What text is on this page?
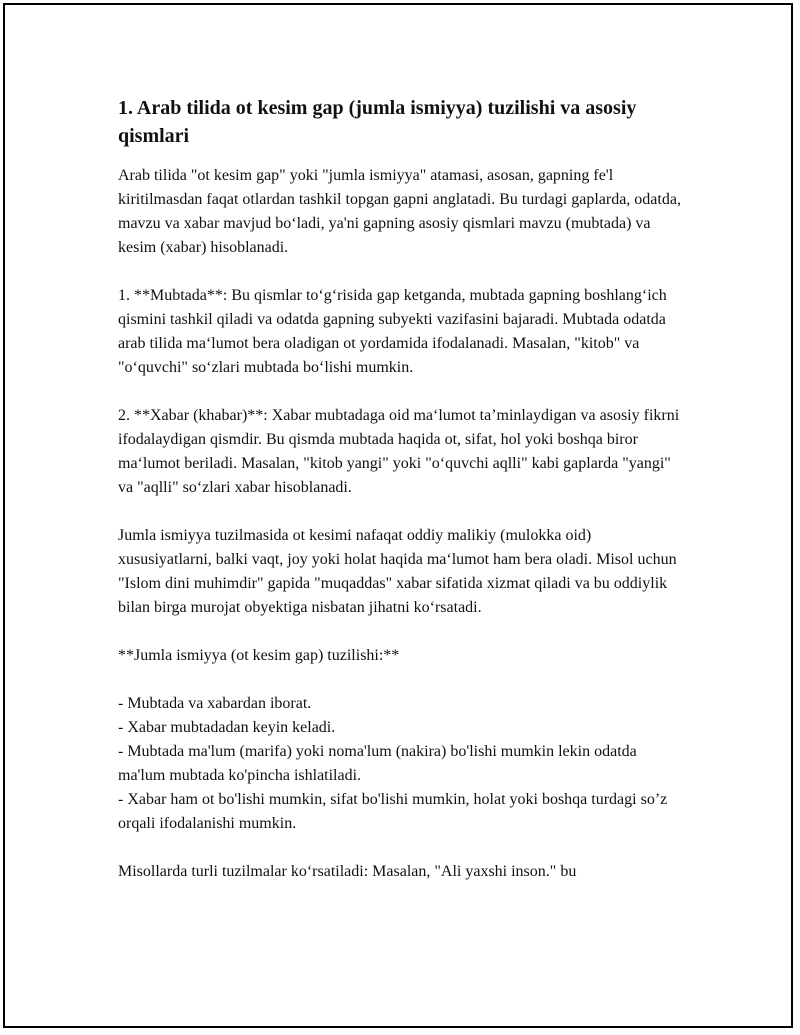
1. Arab tilida ot kesim gap (jumla ismiyya) tuzilishi va asosiy qismlari

Arab tilida "ot kesim gap" yoki "jumla ismiyya" atamasi, asosan, gapning fe'l kiritilmasdan faqat otlardan tashkil topgan gapni anglatadi. Bu turdagi gaplarda, odatda, mavzu va xabar mavjud bo‘ladi, ya'ni gapning asosiy qismlari mavzu (mubtada) va kesim (xabar) hisoblanadi.

1. **Mubtada**: Bu qismlar to‘g‘risida gap ketganda, mubtada gapning boshlang‘ich qismini tashkil qiladi va odatda gapning subyekti vazifasini bajaradi. Mubtada odatda arab tilida ma‘lumot bera oladigan ot yordamida ifodalanadi. Masalan, "kitob" va "o‘quvchi" so‘zlari mubtada bo‘lishi mumkin.

2. **Xabar (khabar)**: Xabar mubtadaga oid ma‘lumot ta’minlaydigan va asosiy fikrni ifodalaydigan qismdir. Bu qismda mubtada haqida ot, sifat, hol yoki boshqa biror ma‘lumot beriladi. Masalan, "kitob yangi" yoki "o‘quvchi aqlli" kabi gaplarda "yangi" va "aqlli" so‘zlari xabar hisoblanadi.

Jumla ismiyya tuzilmasida ot kesimi nafaqat oddiy malikiy (mulokka oid) xususiyatlarni, balki vaqt, joy yoki holat haqida ma‘lumot ham bera oladi. Misol uchun "Islom dini muhimdir" gapida "muqaddas" xabar sifatida xizmat qiladi va bu oddiylik bilan birga murojat obyektiga nisbatan jihatni ko‘rsatadi.

**Jumla ismiyya (ot kesim gap) tuzilishi:**

- Mubtada va xabardan iborat.

- Xabar mubtadadan keyin keladi.

- Mubtada ma'lum (marifa) yoki noma'lum (nakira) bo'lishi mumkin lekin odatda ma'lum mubtada ko'pincha ishlatiladi.

- Xabar ham ot bo'lishi mumkin, sifat bo'lishi mumkin, holat yoki boshqa turdagi so’z orqali ifodalanishi mumkin.

Misollarda turli tuzilmalar ko‘rsatiladi: Masalan, "Ali yaxshi inson." bu
